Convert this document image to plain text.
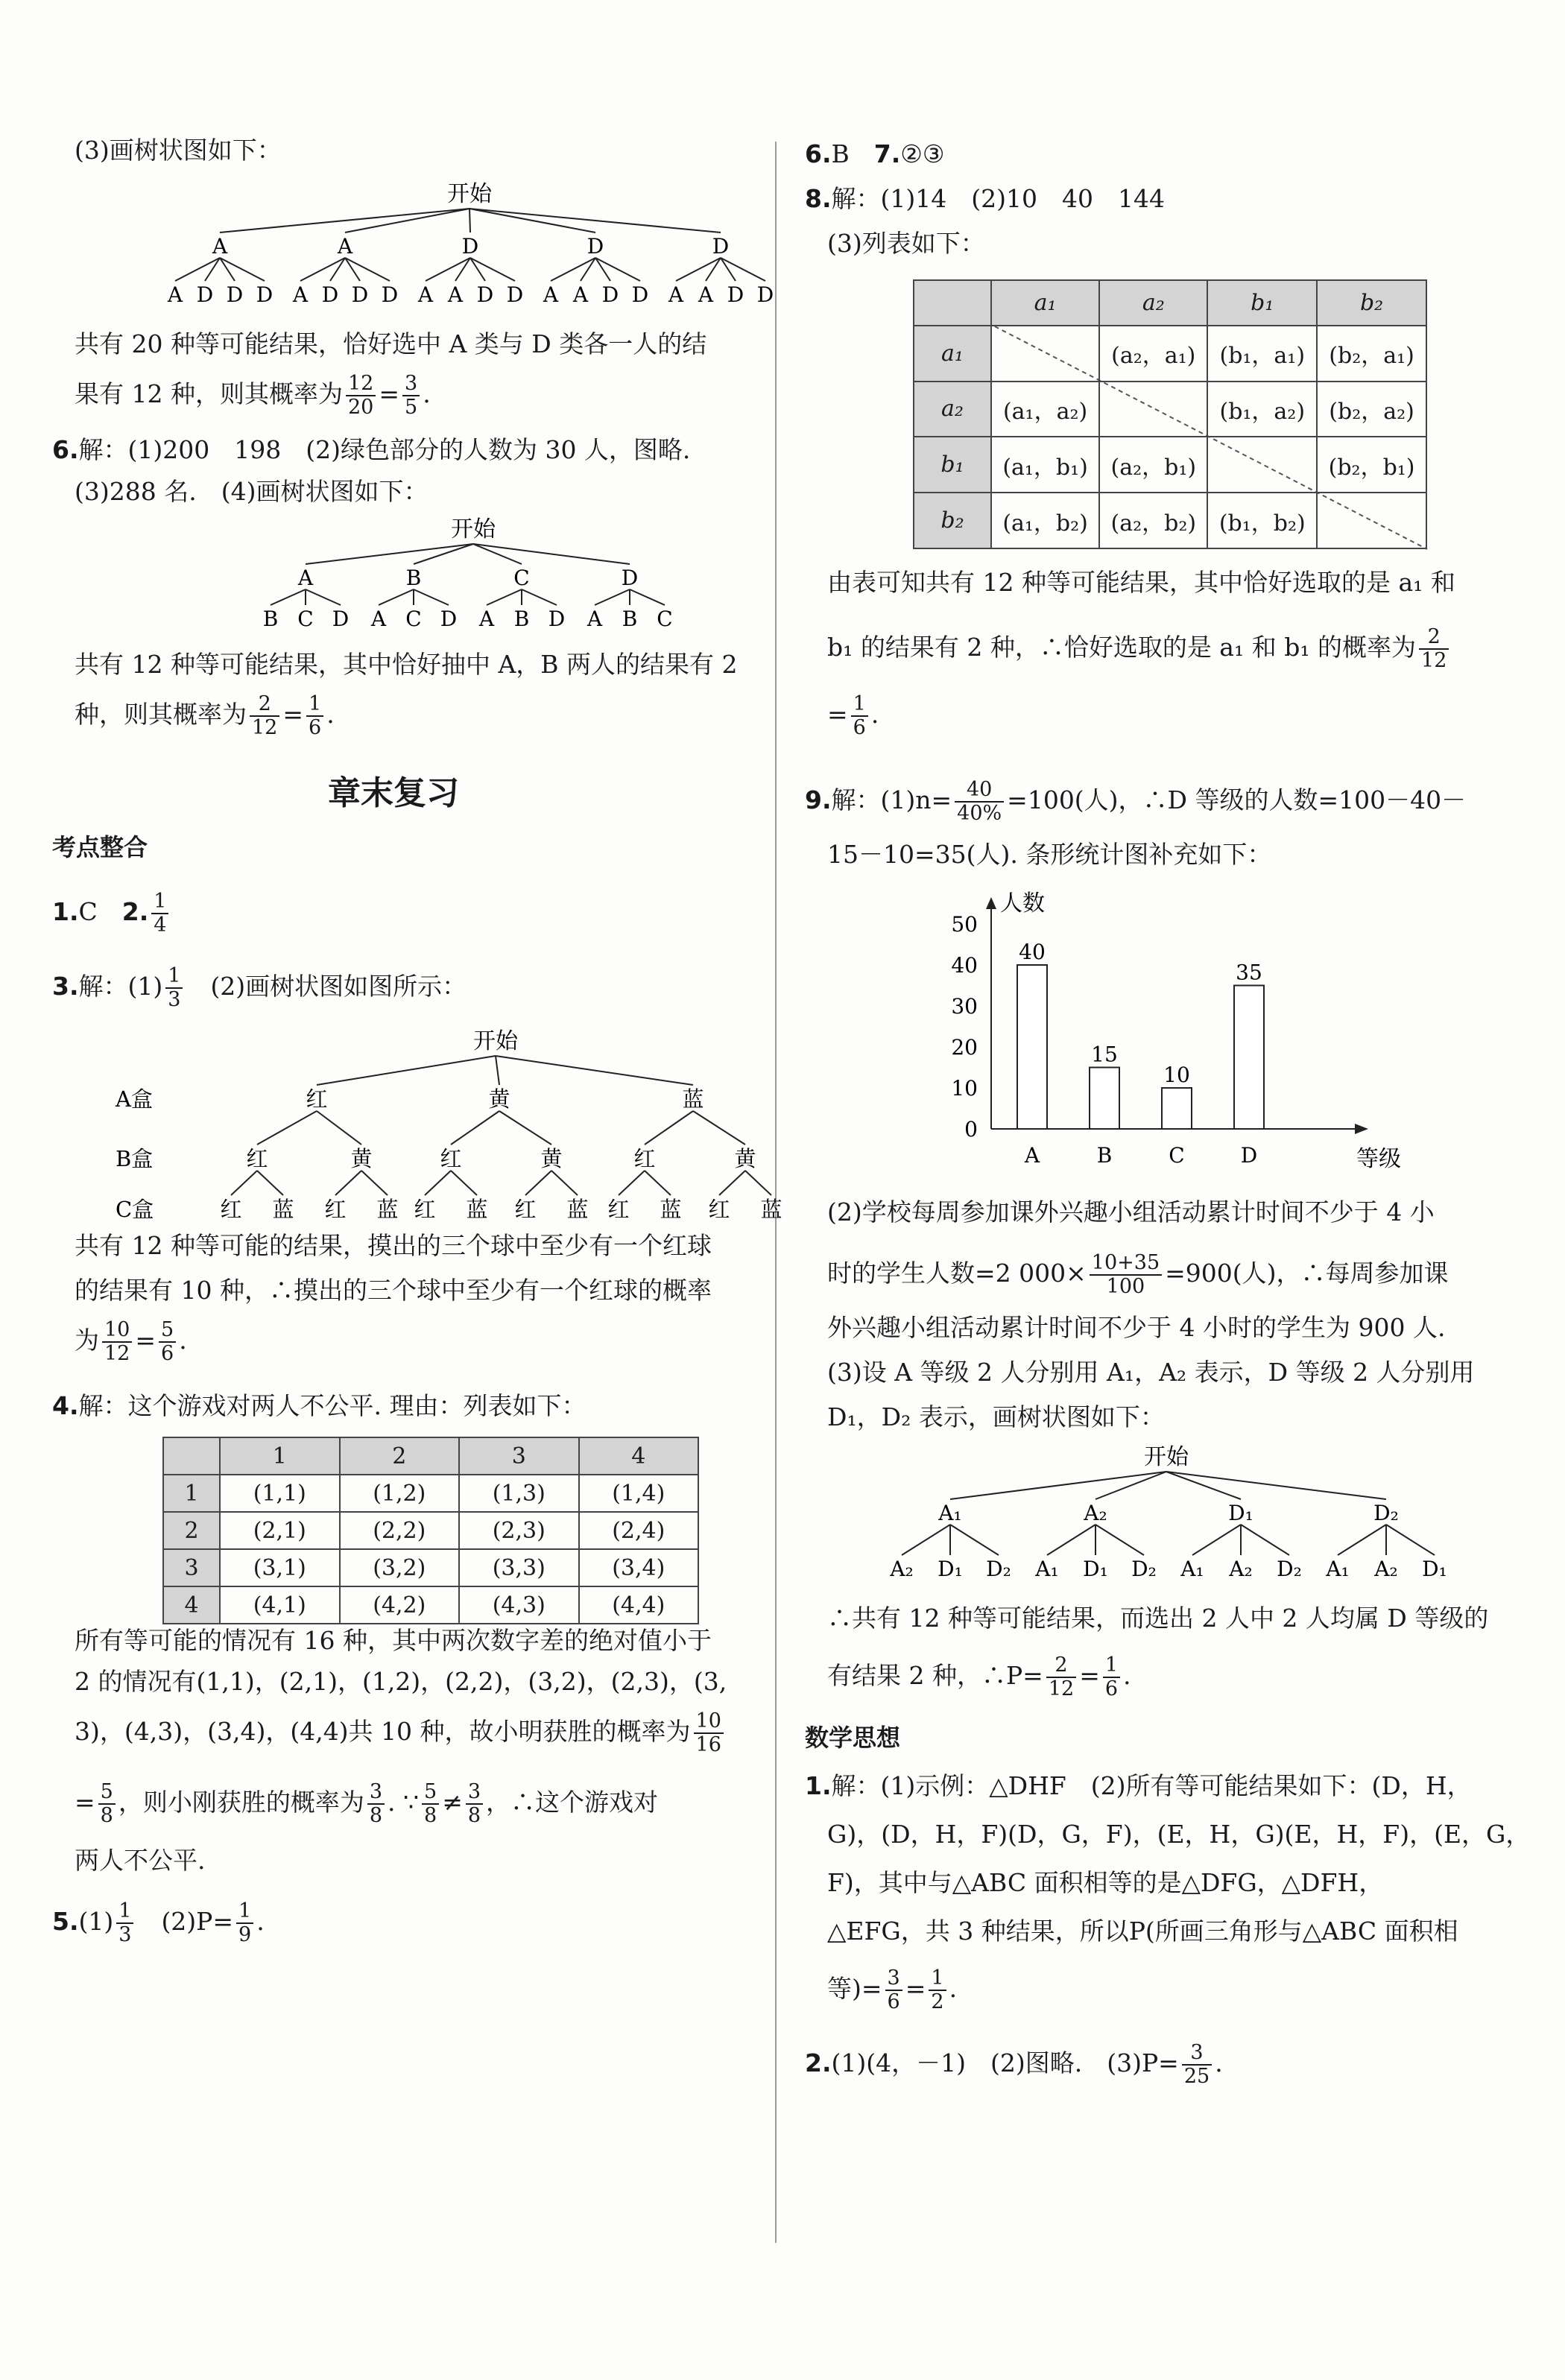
(3)画树状图如下：
开始
A
A D D D
A
A D D D
D
A A D D
D
A A D D
D
A A D D
共有 20 种等可能结果，恰好选中 A 类与 D 类各一人的结
果有 12 种，则其概率为 $\frac{12}{20} = \frac{3}{5}$ .
6.解：(1)200　198　(2)绿色部分的人数为 30 人，图略.
(3)288 名.　(4)画树状图如下：
开始
A
B C D
B
A C D
C
A B D
D
A B C
共有 12 种等可能结果，其中恰好抽中 A，B 两人的结果有 2
种，则其概率为 $\frac{2}{12} = \frac{1}{6}$ .
章末复习
考点整合
1.C　 2. $\frac{1}{4}$
3.解：$(1) \frac{1}{3}$
　 (2)画树状图如图所示：
开始
A盒
B盒
C盒
红	黄	蓝
红	黄	红	黄	红	黄
红 蓝 红 蓝 红 蓝 红 蓝 红 蓝 红 蓝
共有 12 种等可能的结果，摸出的三个球中至少有一个红球
的结果有 10 种，∴摸出的三个球中至少有一个红球的概率
为 $\frac{10}{12} = \frac{5}{6}$ .
4.解：这个游戏对两人不公平. 理由：列表如下：
	1	2	3	4
1	(1,1)	(1,2)	(1,3)	(1,4)
2	(2,1)	(2,2)	(2,3)	(2,4)
3	(3,1)	(3,2)	(3,3)	(3,4)
4	(4,1)	(4,2)	(4,3)	(4,4)
所有等可能的情况有 16 种，其中两次数字差的绝对值小于
2 的情况有(1,1)，(2,1)，(1,2)，(2,2)，(3,2)，(2,3)，(3,
3)，(4,3)，(3,4)，(4,4)共 10 种，故小明获胜的概率为 $\frac{10}{16}$
= $\frac{5}{8}$ ，则小刚获胜的概率为 $\frac{3}{8}$ . ∵ $\frac{5}{8} \ne \frac{3}{8}$ ，∴这个游戏对
两人不公平.
$5.(1) \frac{1}{3}$
　 $(2)P= \frac{1}{9}$ .
6.B　 7.②③
8.解：(1)14　(2)10　40　144
(3)列表如下：
	a₁	a₂	b₁	b₂
a₁		(a₂，a₁)	(b₁，a₁)	(b₂，a₁)
a₂	(a₁，a₂)		(b₁，a₂)	(b₂，a₂)
b₁	(a₁，b₁)	(a₂，b₁)		(b₂，b₁)
b₂	(a₁，b₂)	(a₂，b₂)	(b₁，b₂)	
由表可知共有 12 种等可能结果，其中恰好选取的是 a₁ 和
b₁ 的结果有 2 种，∴恰好选取的是 a₁ 和 b₁ 的概率为 $\frac{2}{12}$
= $\frac{1}{6}$ .
9.解：$(1)n= \frac{40}{40\%} =100$(人)，∴D 等级的人数=100－40－
15－10=35(人). 条形统计图补充如下：
人数
等级
0
10
20
30
40
50
40
A
15
B
10
C
35
D
(2)学校每周参加课外兴趣小组活动累计时间不少于 4 小
时的学生人数=2 $000\times \frac{10+35}{100} =900$(人)，∴每周参加课
外兴趣小组活动累计时间不少于 4 小时的学生为 900 人.
(3)设 A 等级 2 人分别用 A₁，A₂ 表示，D 等级 2 人分别用
D₁，D₂ 表示，画树状图如下：
开始
A₁
A₂ D₁ D₂
A₂
A₁ D₁ D₂
D₁
A₁ A₂ D₂
D₂
A₁ A₂ D₁
∴共有 12 种等可能结果，而选出 2 人中 2 人均属 D 等级的
有结果 2 种，∴P= $\frac{2}{12} = \frac{1}{6}$ .
数学思想
1.解：(1)示例：△DHF　(2)所有等可能结果如下：(D，H，
G)，(D，H，F)(D，G，F)，(E，H，G)(E，H，F)，(E，G，
F)，其中与△ABC 面积相等的是△DFG，△DFH，
△EFG，共 3 种结果，所以P(所画三角形与△ABC 面积相
等)= $\frac{3}{6} = \frac{1}{2}$ .
2.(1)(4，－1)　(2)图略.　$(3)P= \frac{3}{25}$ .
